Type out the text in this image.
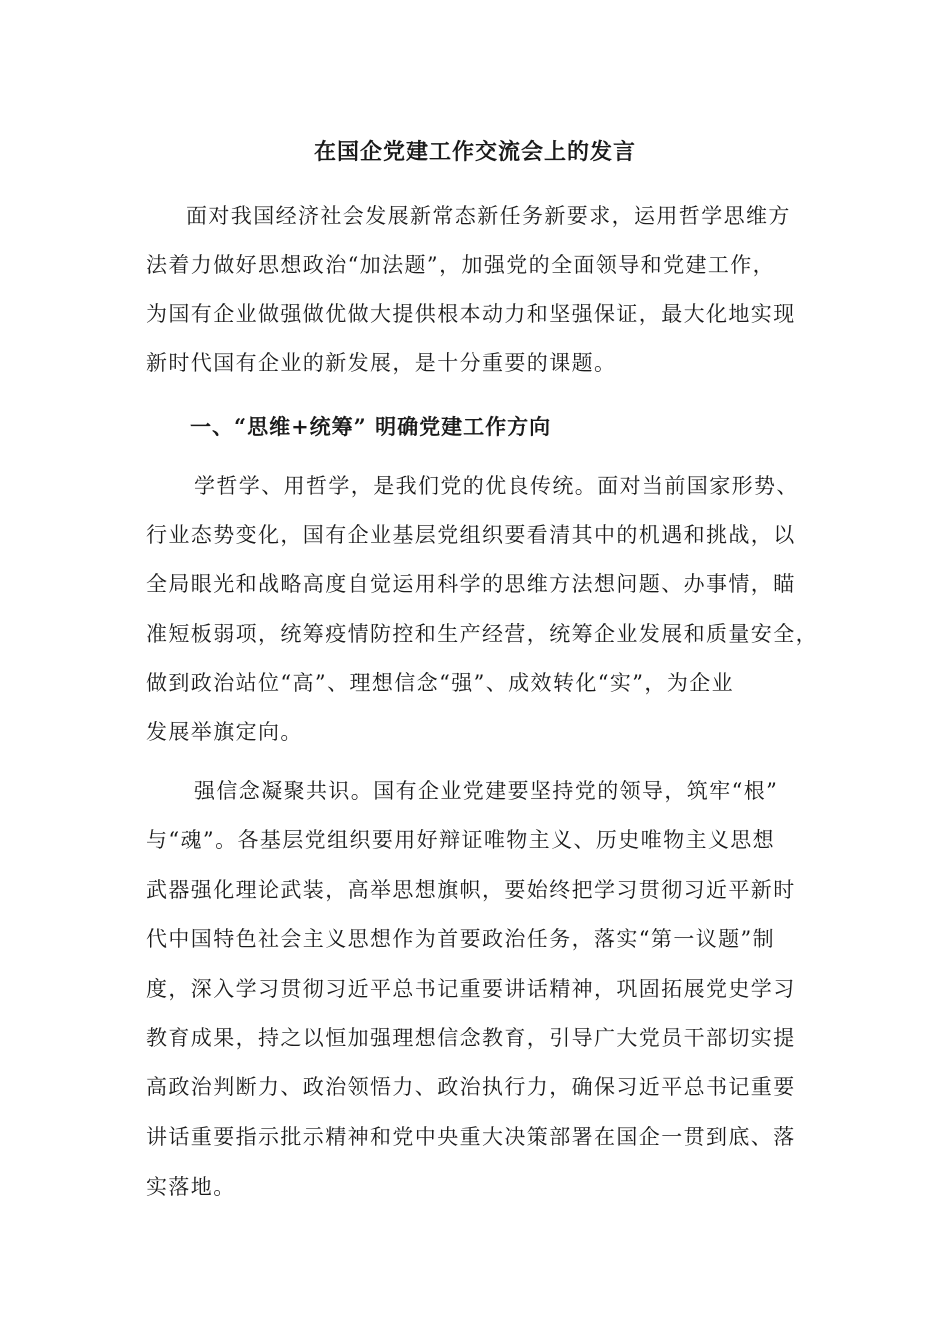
在国企党建工作交流会上的发言
面对我国经济社会发展新常态新任务新要求，运用哲学思维方
法着力做好思想政治“加法题”，加强党的全面领导和党建工作，
为国有企业做强做优做大提供根本动力和坚强保证，最大化地实现
新时代国有企业的新发展，是十分重要的课题。
一、“思维+统筹” 明确党建工作方向
学哲学、用哲学，是我们党的优良传统。面对当前国家形势、
行业态势变化，国有企业基层党组织要看清其中的机遇和挑战，以
全局眼光和战略高度自觉运用科学的思维方法想问题、办事情，瞄
准短板弱项，统筹疫情防控和生产经营，统筹企业发展和质量安全，
做到政治站位“高”、理想信念“强”、成效转化“实”，为企业
发展举旗定向。
强信念凝聚共识。国有企业党建要坚持党的领导，筑牢“根”
与“魂”。各基层党组织要用好辩证唯物主义、历史唯物主义思想
武器强化理论武装，高举思想旗帜，要始终把学习贯彻习近平新时
代中国特色社会主义思想作为首要政治任务，落实“第一议题”制
度，深入学习贯彻习近平总书记重要讲话精神，巩固拓展党史学习
教育成果，持之以恒加强理想信念教育，引导广大党员干部切实提
高政治判断力、政治领悟力、政治执行力，确保习近平总书记重要
讲话重要指示批示精神和党中央重大决策部署在国企一贯到底、落
实落地。
